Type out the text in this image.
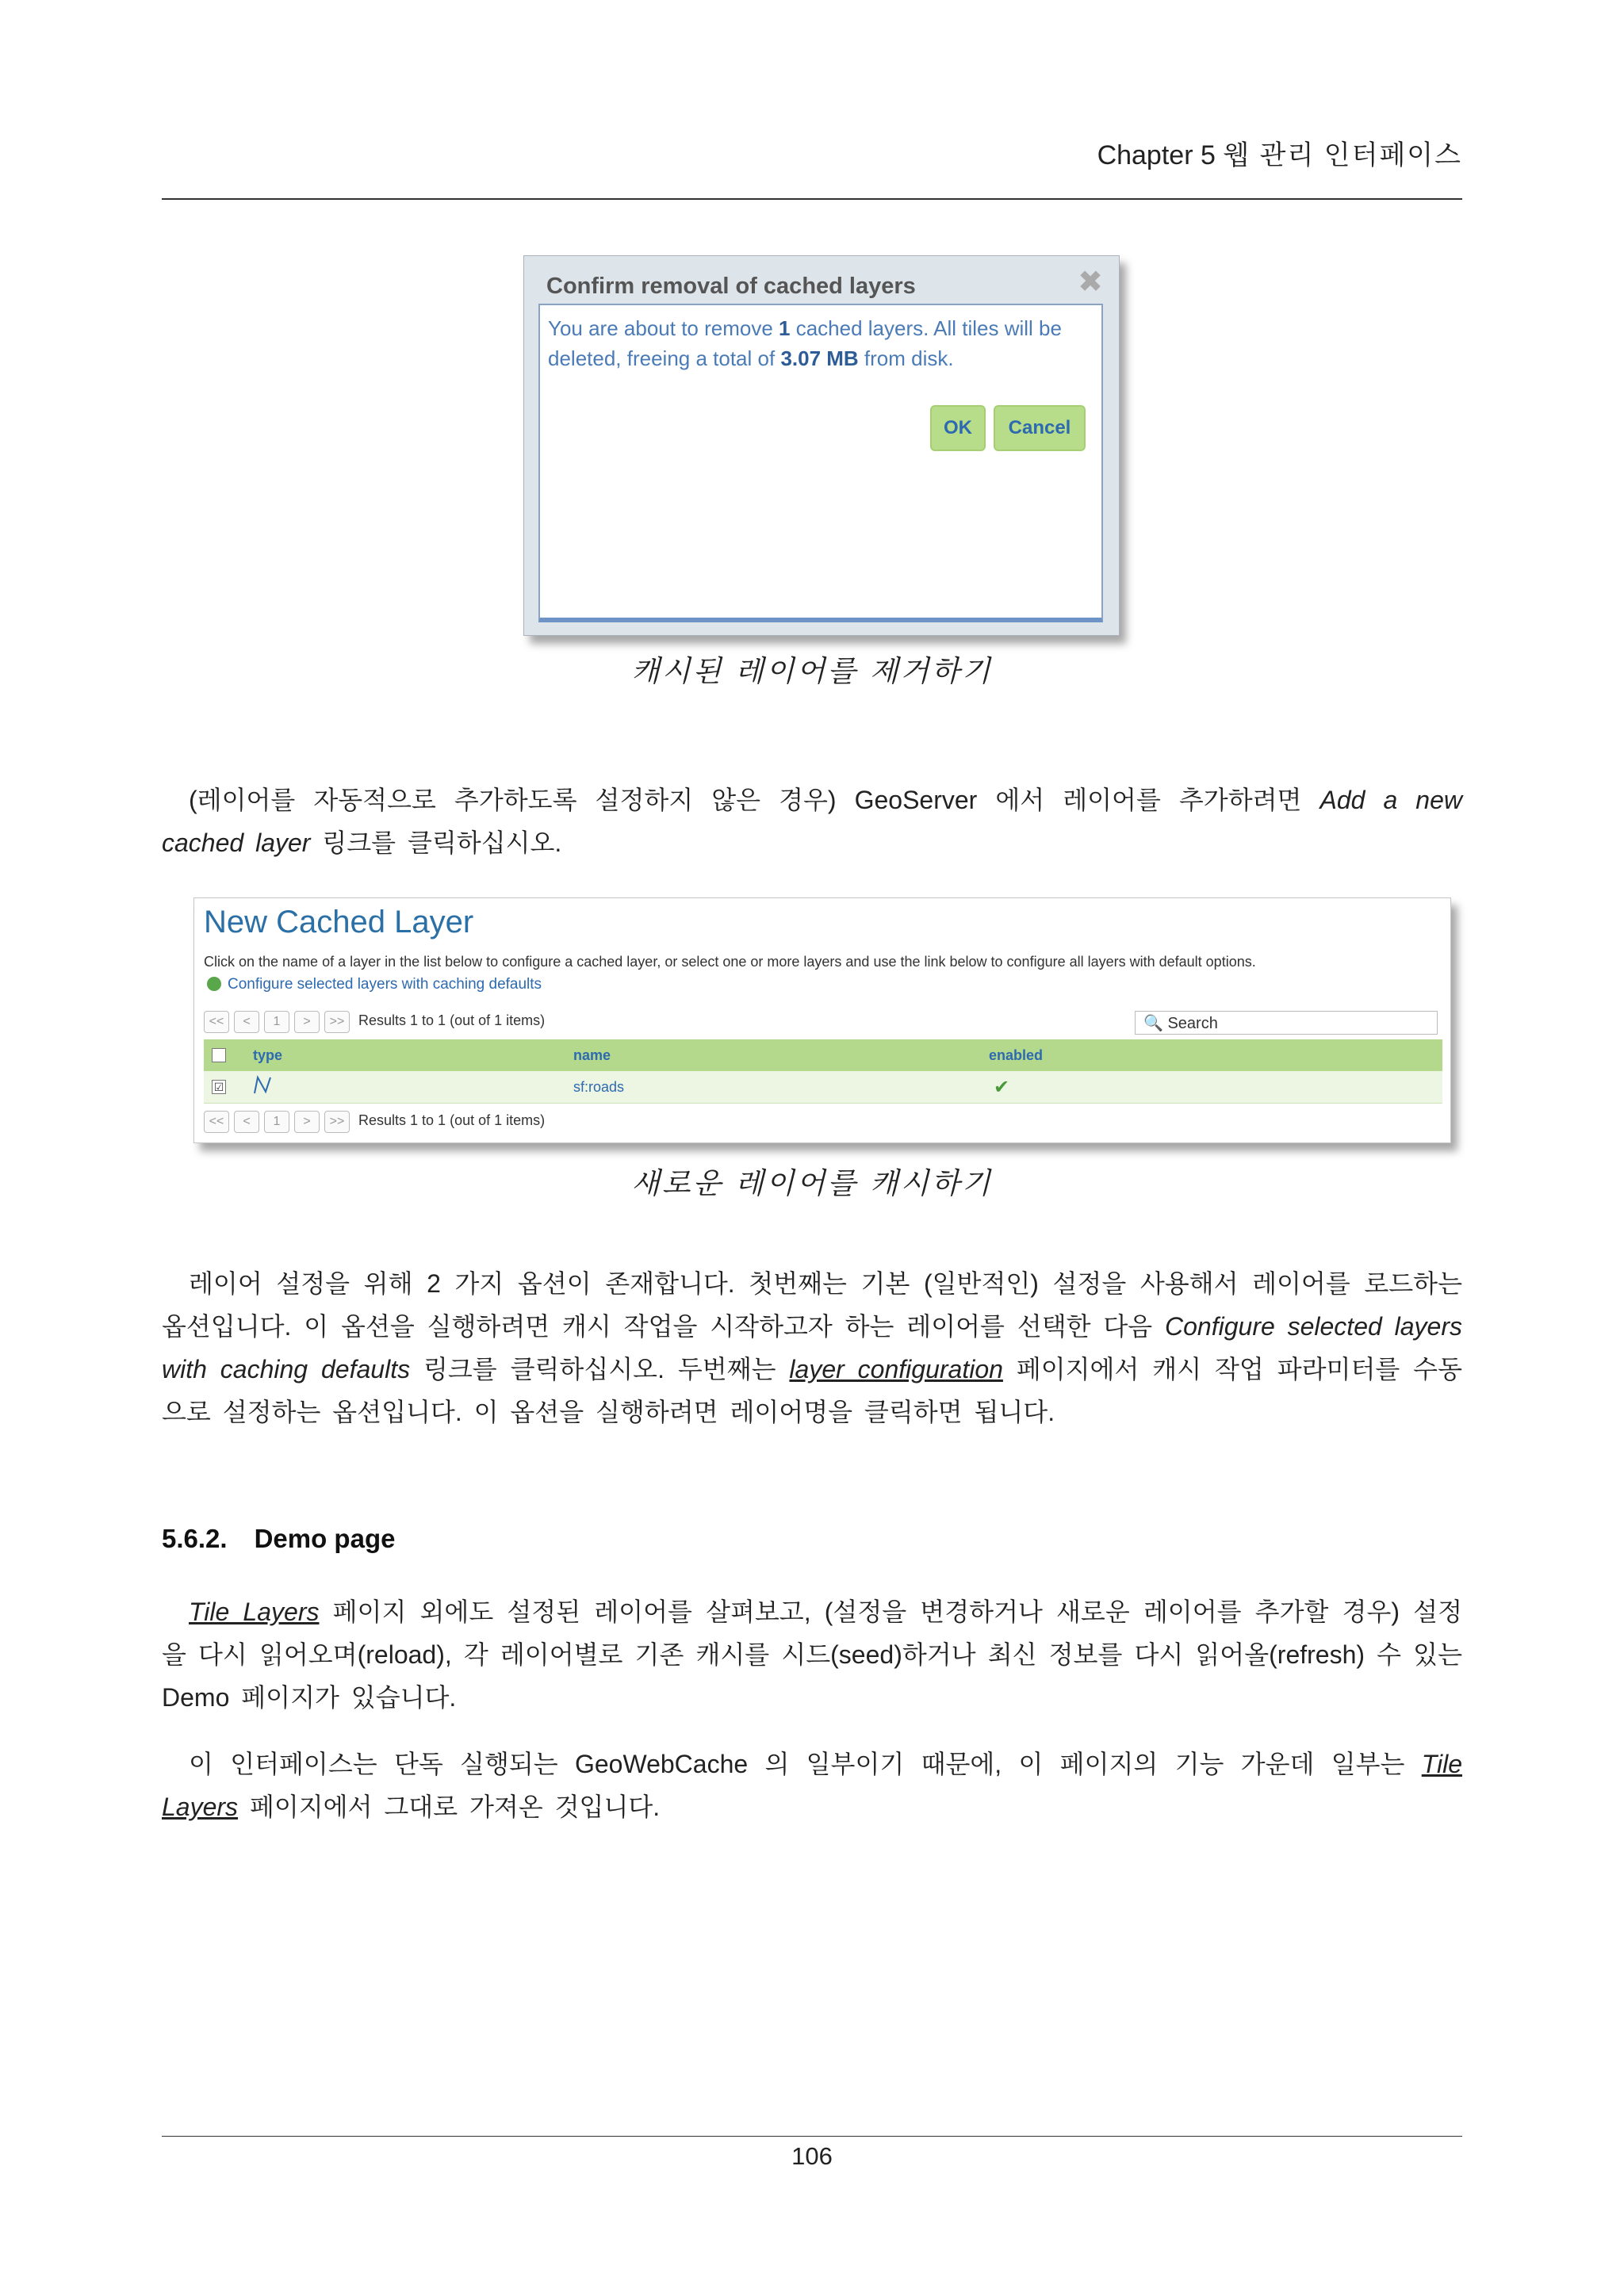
Chapter 5 웹 관리 인터페이스
Confirm removal of cached layers	✖
You are about to remove 1 cached layers. All tiles will be deleted, freeing a total of 3.07 MB from disk.
OK	Cancel
캐시된 레이어를 제거하기
(레이어를 자동적으로 추가하도록 설정하지 않은 경우) GeoServer 에서 레이어를 추가하려면 Add a new cached layer 링크를 클릭하십시오.
New Cached Layer
Click on the name of a layer in the list below to configure a cached layer, or select one or more layers and use the link below to configure all layers with default options.
Configure selected layers with caching defaults
<< < 1 > >> Results 1 to 1 (out of 1 items)	🔍 Search
type	name	enabled
☑	sf:roads	✔
<< < 1 > >> Results 1 to 1 (out of 1 items)
새로운 레이어를 캐시하기
레이어 설정을 위해 2 가지 옵션이 존재합니다. 첫번째는 기본 (일반적인) 설정을 사용해서 레이어를 로드하는 옵션입니다. 이 옵션을 실행하려면 캐시 작업을 시작하고자 하는 레이어를 선택한 다음 Configure selected layers with caching defaults 링크를 클릭하십시오. 두번째는 layer configuration 페이지에서 캐시 작업 파라미터를 수동으로 설정하는 옵션입니다. 이 옵션을 실행하려면 레이어명을 클릭하면 됩니다.
5.6.2. Demo page
Tile Layers 페이지 외에도 설정된 레이어를 살펴보고, (설정을 변경하거나 새로운 레이어를 추가할 경우) 설정을 다시 읽어오며(reload), 각 레이어별로 기존 캐시를 시드(seed)하거나 최신 정보를 다시 읽어올(refresh) 수 있는 Demo 페이지가 있습니다.
이 인터페이스는 단독 실행되는 GeoWebCache 의 일부이기 때문에, 이 페이지의 기능 가운데 일부는 Tile Layers 페이지에서 그대로 가져온 것입니다.
106
